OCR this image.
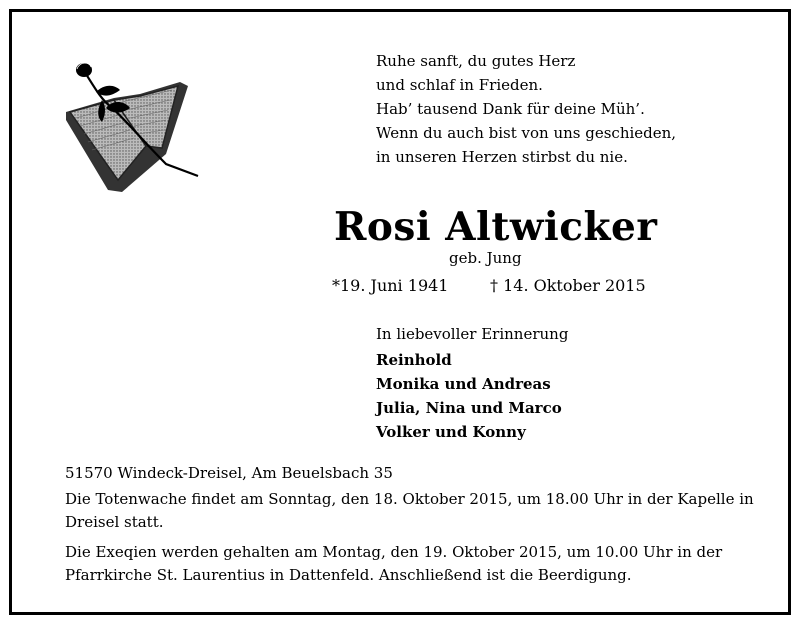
Ruhe sanft, du gutes Herz
und schlaf in Frieden.
Hab’ tausend Dank für deine Müh’.
Wenn du auch bist von uns geschieden,
in unseren Herzen stirbst du nie.
Rosi Altwicker
geb. Jung
*19. Juni 1941	† 14. Oktober 2015
In liebevoller Erinnerung
Reinhold
Monika und Andreas
Julia, Nina und Marco
Volker und Konny
51570 Windeck-Dreisel, Am Beuelsbach 35
Die Totenwache findet am Sonntag, den 18. Oktober 2015, um 18.00 Uhr in der Kapelle in Dreisel statt.
Die Exeqien werden gehalten am Montag, den 19. Oktober 2015, um 10.00 Uhr in der Pfarrkirche St. Laurentius in Dattenfeld. Anschließend ist die Beerdigung.
